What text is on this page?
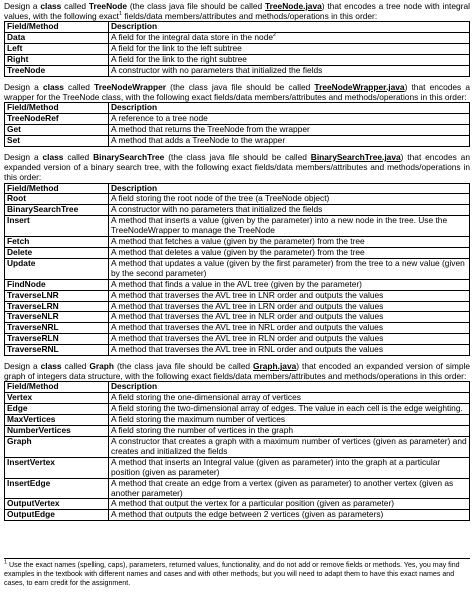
Design a class called TreeNode (the class java file should be called TreeNode.java) that encodes a tree node with integral values, with the following exact$^1$ fields/data members/attributes and methods/operations in this order:

Field/Method	Description
Data	A field for the integral data store in the node$^2$
Left	A field for the link to the left subtree
Right	A field for the link to the right subtree
TreeNode	A constructor with no parameters that initialized the fields

Design a class called TreeNodeWrapper (the class java file should be called TreeNodeWrapper.java) that encodes a wrapper for the TreeNode class, with the following exact fields/data members/attributes and methods/operations in this order:

Field/Method	Description
TreeNodeRef	A reference to a tree node
Get	A method that returns the TreeNode from the wrapper
Set	A method that adds a TreeNode to the wrapper

Design a class called BinarySearchTree (the class java file should be called BinarySearchTree.java) that encodes an expanded version of a binary search tree, with the following exact fields/data members/attributes and methods/operations in this order:

Field/Method	Description
Root	A field storing the root node of the tree (a TreeNode object)
BinarySearchTree	A constructor with no parameters that initialized the fields
Insert	A method that inserts a value (given by the parameter) into a new node in the tree. Use the TreeNodeWrapper to manage the TreeNode
Fetch	A method that fetches a value (given by the parameter) from the tree
Delete	A method that deletes a value (given by the parameter) from the tree
Update	A method that updates a value (given by the first parameter) from the tree to a new value (given by the second parameter)
FindNode	A method that finds a value in the AVL tree (given by the parameter)
TraverseLNR	A method that traverses the AVL tree in LNR order and outputs the values
TraverseLRN	A method that traverses the AVL tree in LRN order and outputs the values
TraverseNLR	A method that traverses the AVL tree in NLR order and outputs the values
TraverseNRL	A method that traverses the AVL tree in NRL order and outputs the values
TraverseRLN	A method that traverses the AVL tree in RLN order and outputs the values
TraverseRNL	A method that traverses the AVL tree in RNL order and outputs the values

Design a class called Graph (the class java file should be called Graph.java) that encoded an expanded version of simple graph of integers data structure, with the following exact fields/data members/attributes and methods/operations in this order:

Field/Method	Description
Vertex	A field storing the one-dimensional array of vertices
Edge	A field storing the two-dimensional array of edges. The value in each cell is the edge weighting.
MaxVertices	A field storing the maximum number of vertices
NumberVertices	A field storing the number of vertices in the graph
Graph	A constructor that creates a graph with a maximum number of vertices (given as parameter) and creates and initialized the fields
InsertVertex	A method that inserts an Integral value (given as parameter) into the graph at a particular position (given as parameter)
InsertEdge	A method that create an edge from a vertex (given as parameter) to another vertex (given as another parameter)
OutputVertex	A method that output the vertex for a particular position (given as parameter)
OutputEdge	A method that outputs the edge between 2 vertices (given as parameters)
$^1$ Use the exact names (spelling, caps), parameters, returned values, functionality, and do not add or remove fields or methods. Yes, you may find examples in the textbook with different names and cases and with other methods, but you will need to adapt them to have this exact names and cases, to earn credit for the assignment.
